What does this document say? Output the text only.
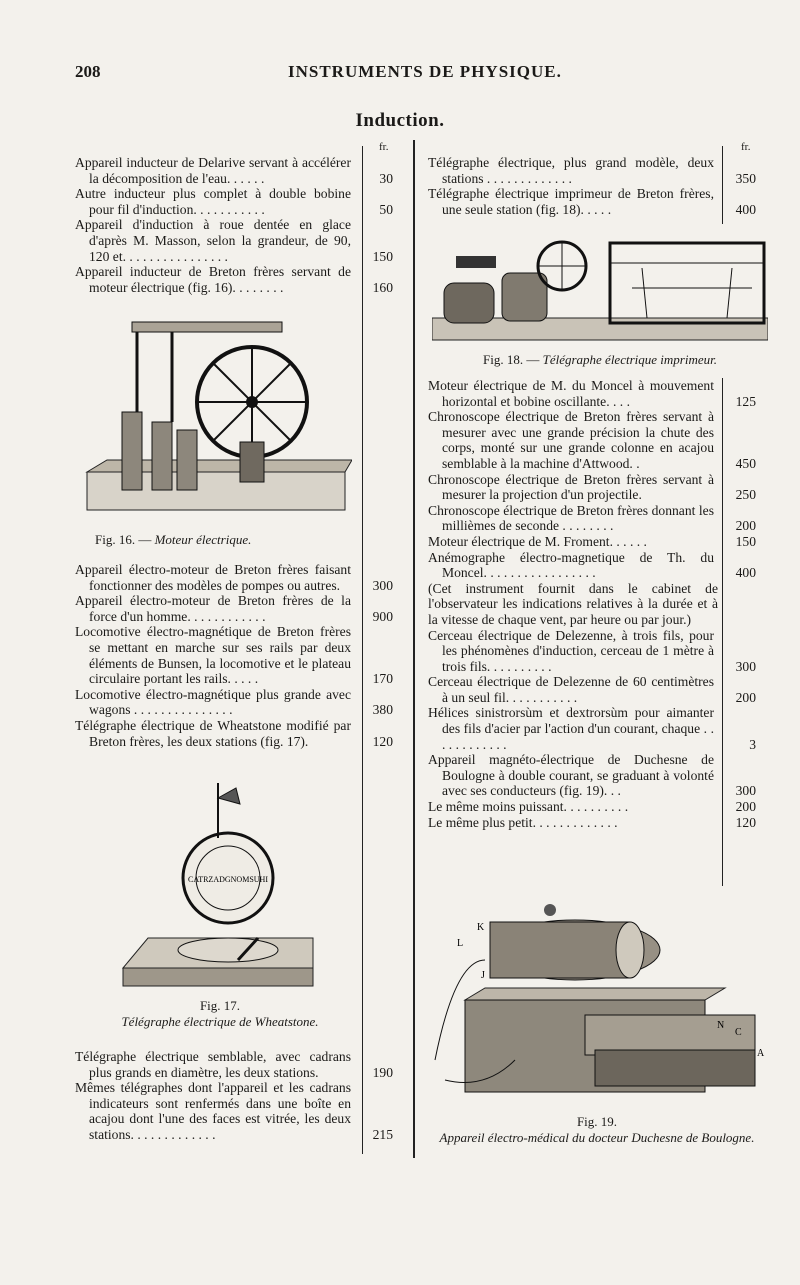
208	INSTRUMENTS DE PHYSIQUE.
Induction.
fr.	fr.
Appareil inducteur de Delarive servant à accélérer la décomposition de l'eau. . . . . .	30
Autre inducteur plus complet à double bobine pour fil d'induction. . . . . . . . . . .	50
Appareil d'induction à roue dentée en glace d'après M. Masson, selon la grandeur, de 90, 120 et. . . . . . . . . . . . . . . .	150
Appareil inducteur de Breton frères servant de moteur électrique (fig. 16). . . . . . . .	160
Fig. 16. — Moteur électrique.
Appareil électro-moteur de Breton frères faisant fonctionner des modèles de pompes ou autres.	300
Appareil électro-moteur de Breton frères de la force d'un homme. . . . . . . . . . . .	900
Locomotive électro-magnétique de Breton frères se mettant en marche sur ses rails par deux éléments de Bunsen, la locomotive et le plateau circulaire portant les rails. . . . .	170
Locomotive électro-magnétique plus grande avec wagons . . . . . . . . . . . . . . .	380
Télégraphe électrique de Wheatstone modifié par Breton frères, les deux stations (fig. 17).	120
CATRZADGNOMSUHI
Fig. 17.
Télégraphe électrique de Wheatstone.
Télégraphe électrique semblable, avec cadrans plus grands en diamètre, les deux stations.	190
Mêmes télégraphes dont l'appareil et les cadrans indicateurs sont renfermés dans une boîte en acajou dont l'une des faces est vitrée, les deux stations. . . . . . . . . . . . .	215
Télégraphe électrique, plus grand modèle, deux stations . . . . . . . . . . . . .	350
Télégraphe électrique imprimeur de Breton frères, une seule station (fig. 18). . . . .	400
Fig. 18. — Télégraphe électrique imprimeur.
Moteur électrique de M. du Moncel à mouvement horizontal et bobine oscillante. . . .	125
Chronoscope électrique de Breton frères servant à mesurer avec une grande précision la chute des corps, monté sur une grande colonne en acajou semblable à la machine d'Attwood. .	450
Chronoscope électrique de Breton frères servant à mesurer la projection d'un projectile.	250
Chronoscope électrique de Breton frères donnant les millièmes de seconde . . . . . . . .	200
Moteur électrique de M. Froment. . . . . .	150
Anémographe électro-magnetique de Th. du Moncel. . . . . . . . . . . . . . . . .	400
(Cet instrument fournit dans le cabinet de l'observateur les indications relatives à la durée et à la vitesse de chaque vent, par heure ou par jour.)
Cerceau électrique de Delezenne, à trois fils, pour les phénomènes d'induction, cerceau de 1 mètre à trois fils. . . . . . . . . .	300
Cerceau électrique de Delezenne de 60 centimètres à un seul fil. . . . . . . . . . .	200
Hélices sinistrorsùm et dextrorsùm pour aimanter des fils d'acier par l'action d'un courant, chaque . . . . . . . . . . . .	3
Appareil magnéto-électrique de Duchesne de Boulogne à double courant, se graduant à volonté avec ses conducteurs (fig. 19). . .	300
Le même moins puissant. . . . . . . . . .	200
Le même plus petit. . . . . . . . . . . . .	120
L
J
K
N
C
A
Fig. 19.
Appareil électro-médical du docteur Duchesne de Boulogne.
